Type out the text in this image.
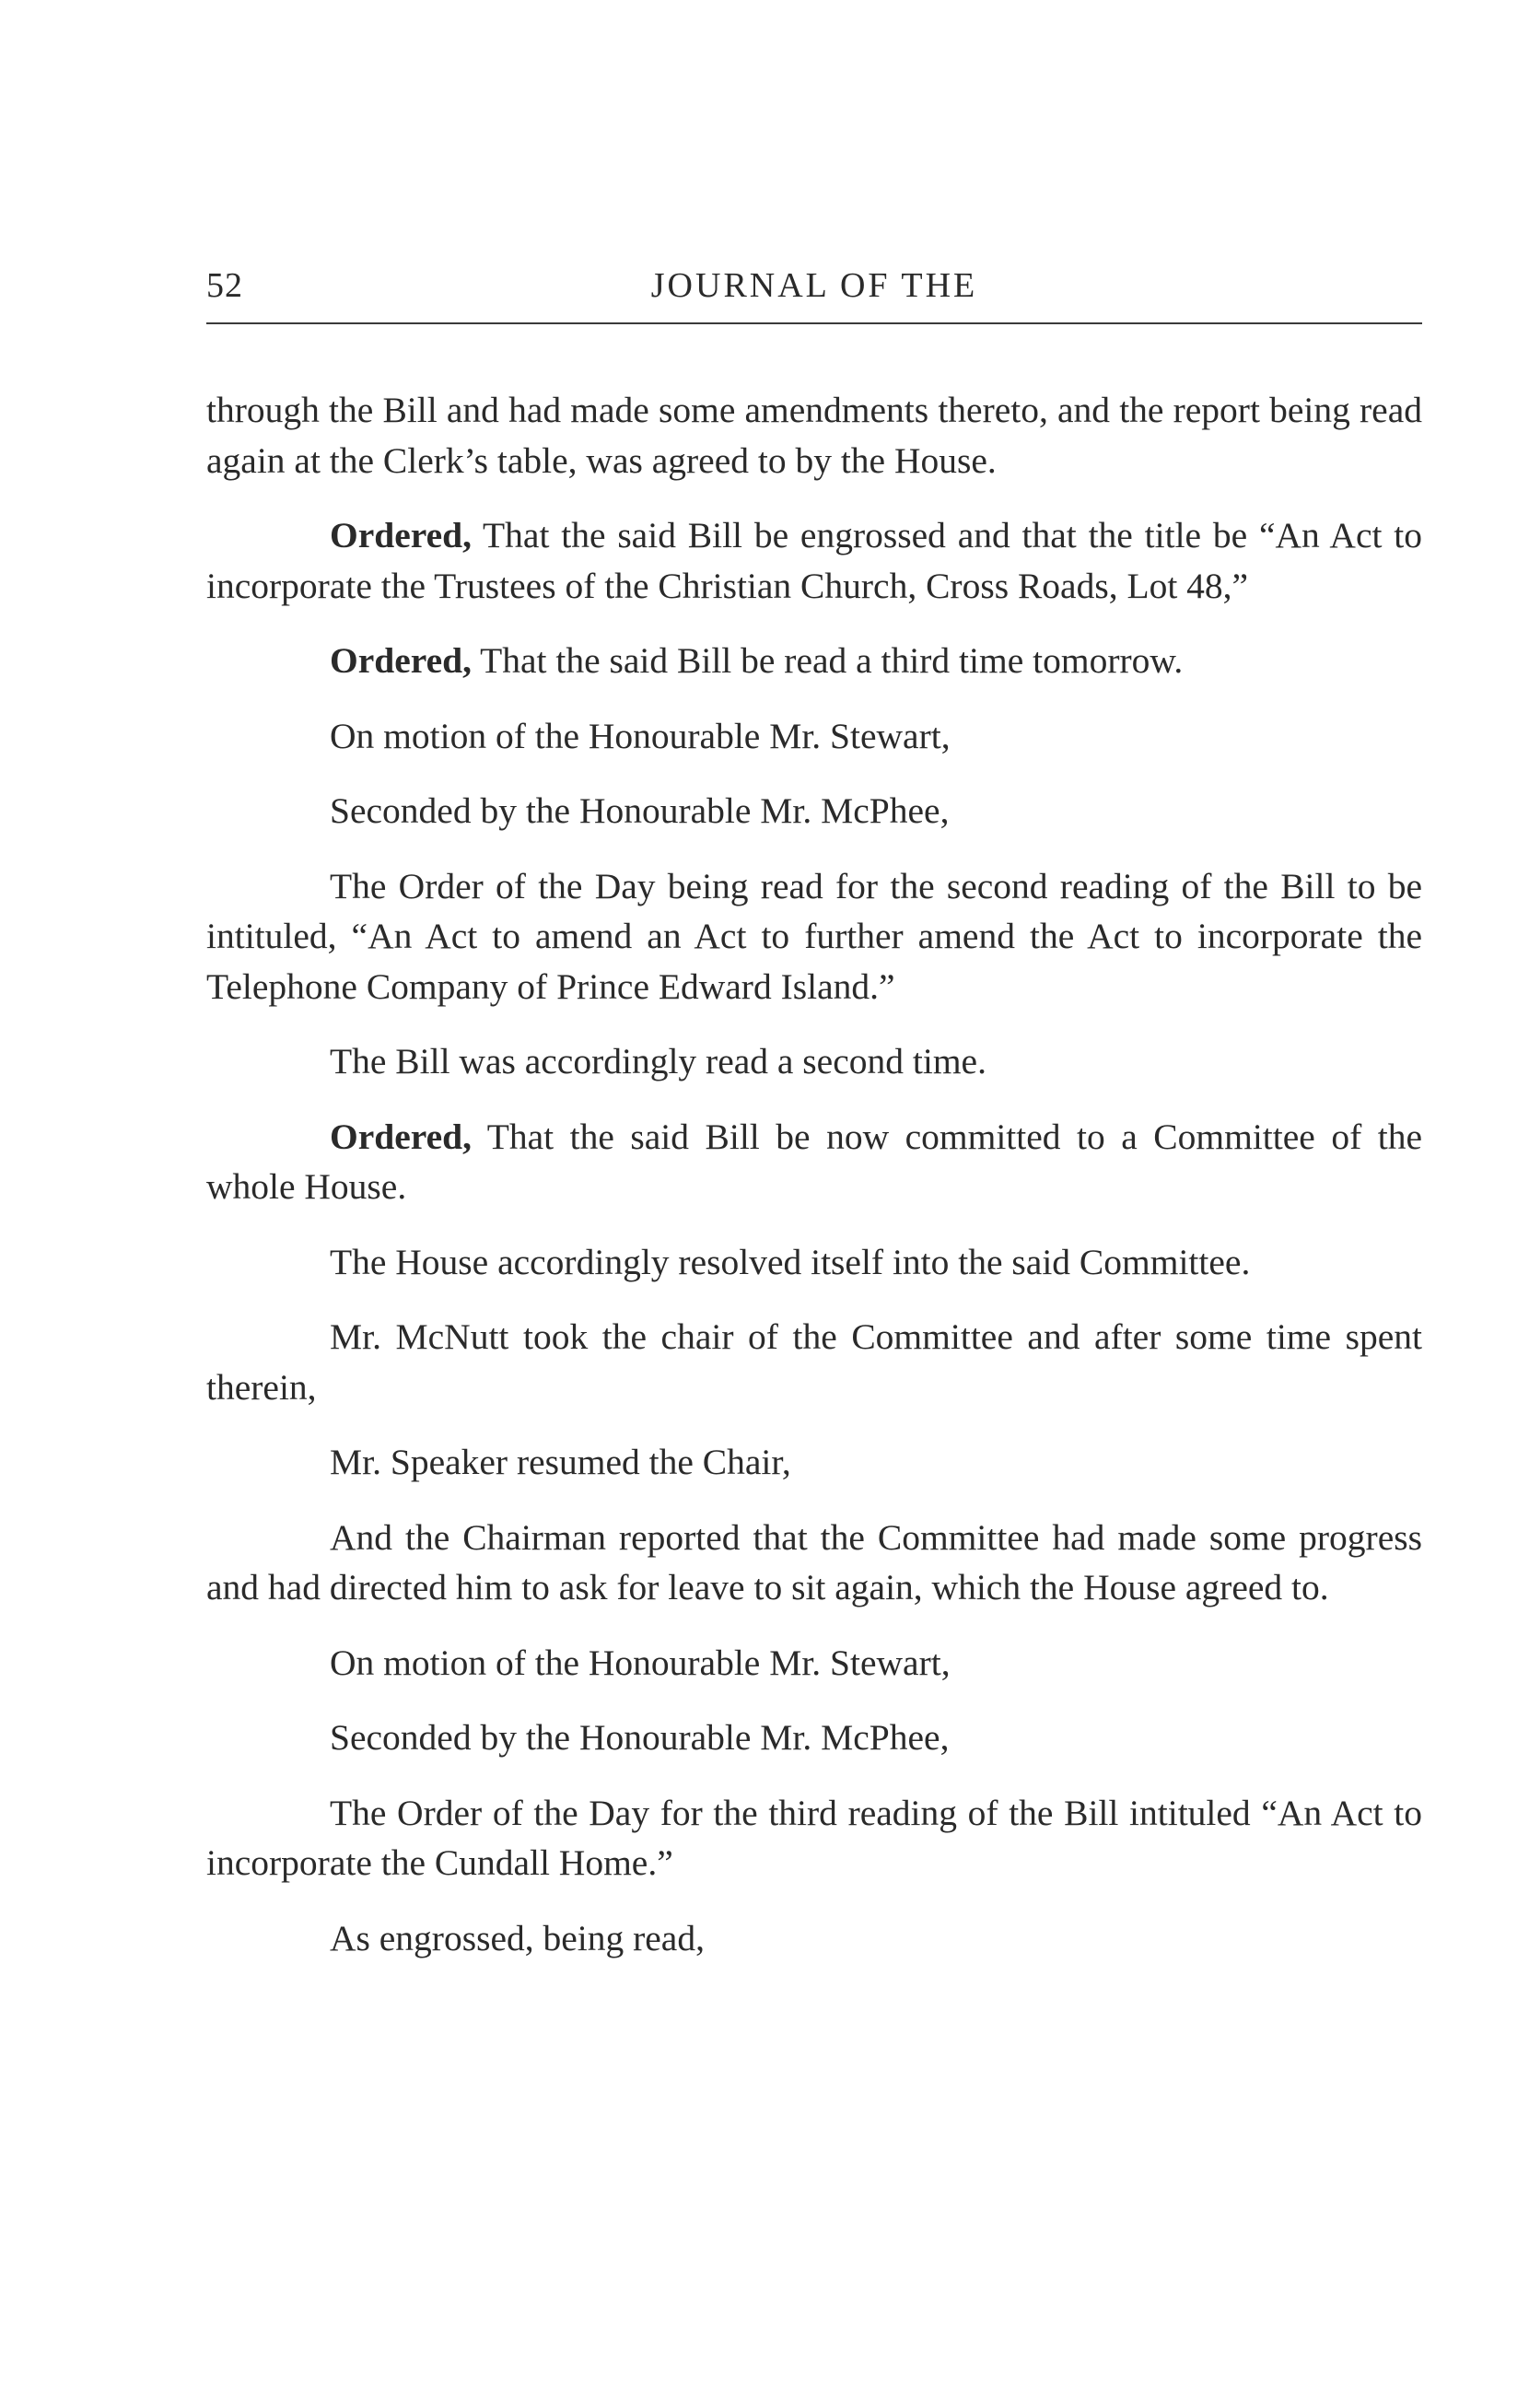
52	JOURNAL OF THE

through the Bill and had made some amendments thereto, and the report being read again at the Clerk’s table, was agreed to by the House.

Ordered, That the said Bill be engrossed and that the title be “An Act to incorporate the Trustees of the Christian Church, Cross Roads, Lot 48,”

Ordered, That the said Bill be read a third time tomorrow.

On motion of the Honourable Mr. Stewart,

Seconded by the Honourable Mr. McPhee,

The Order of the Day being read for the second reading of the Bill to be intituled, “An Act to amend an Act to further amend the Act to incorporate the Telephone Company of Prince Edward Island.”

The Bill was accordingly read a second time.

Ordered, That the said Bill be now committed to a Committee of the whole House.

The House accordingly resolved itself into the said Committee.

Mr. McNutt took the chair of the Committee and after some time spent therein,

Mr. Speaker resumed the Chair,

And the Chairman reported that the Committee had made some progress and had directed him to ask for leave to sit again, which the House agreed to.

On motion of the Honourable Mr. Stewart,

Seconded by the Honourable Mr. McPhee,

The Order of the Day for the third reading of the Bill intituled “An Act to incorporate the Cundall Home.”

As engrossed, being read,
